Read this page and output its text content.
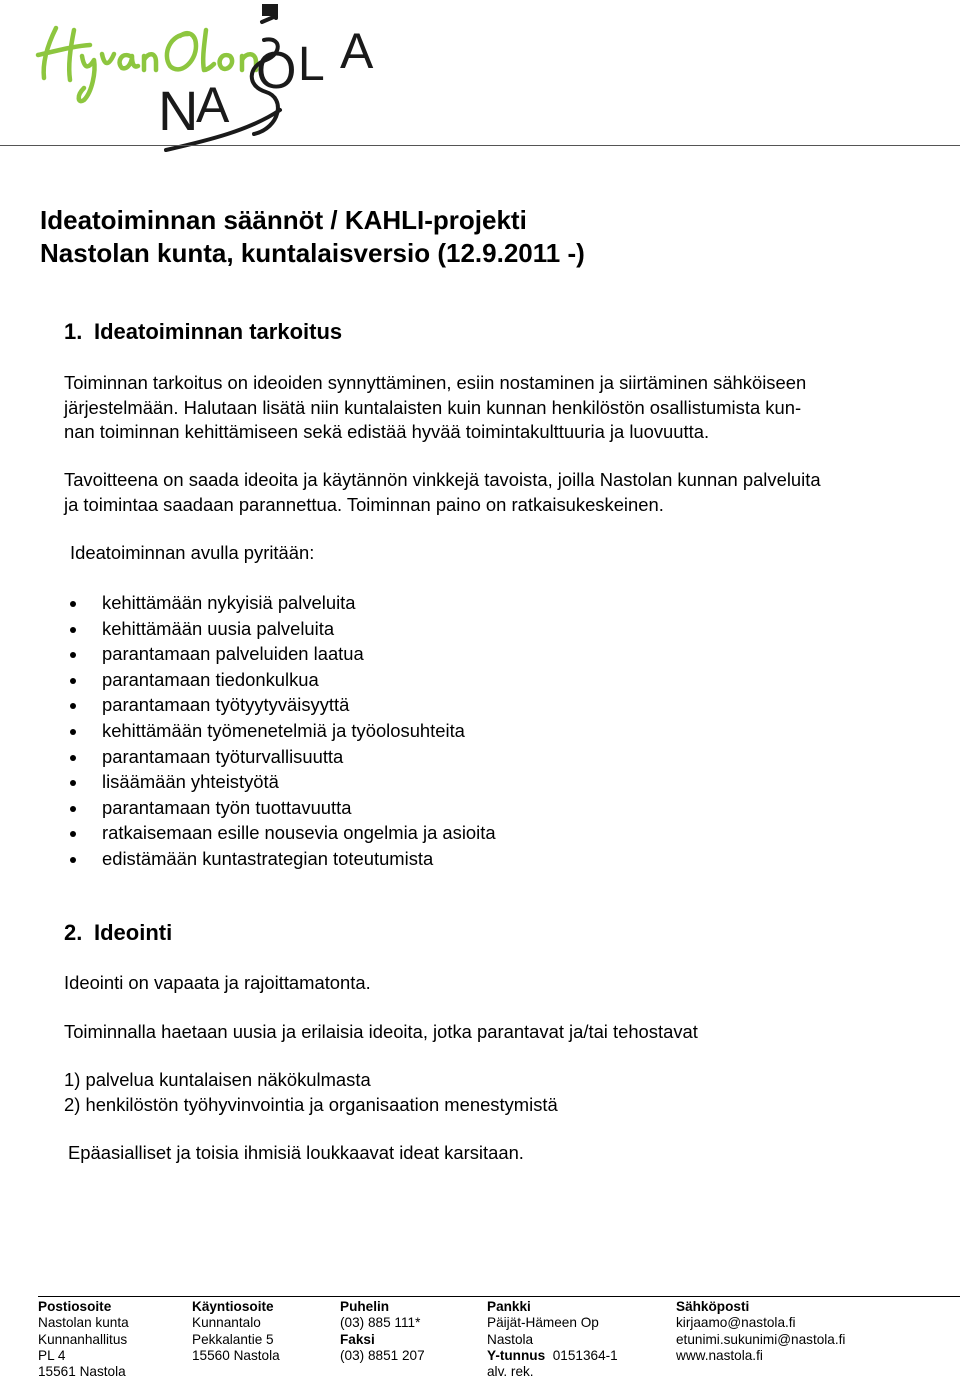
N
A
O L A
Ideatoiminnan säännöt / KAHLI-projekti
Nastolan kunta, kuntalaisversio (12.9.2011 -)
1. Ideatoiminnan tarkoitus
Toiminnan tarkoitus on ideoiden synnyttäminen, esiin nostaminen ja siirtäminen sähköiseen
järjestelmään. Halutaan lisätä niin kuntalaisten kuin kunnan henkilöstön osallistumista kun-
nan toiminnan kehittämiseen sekä edistää hyvää toimintakulttuuria ja luovuutta.
Tavoitteena on saada ideoita ja käytännön vinkkejä tavoista, joilla Nastolan kunnan palveluita
ja toimintaa saadaan parannettua. Toiminnan paino on ratkaisukeskeinen.
Ideatoiminnan avulla pyritään:
kehittämään nykyisiä palveluita
kehittämään uusia palveluita
parantamaan palveluiden laatua
parantamaan tiedonkulkua
parantamaan työtyytyväisyyttä
kehittämään työmenetelmiä ja työolosuhteita
parantamaan työturvallisuutta
lisäämään yhteistyötä
parantamaan työn tuottavuutta
ratkaisemaan esille nousevia ongelmia ja asioita
edistämään kuntastrategian toteutumista
2. Ideointi
Ideointi on vapaata ja rajoittamatonta.
Toiminnalla haetaan uusia ja erilaisia ideoita, jotka parantavat ja/tai tehostavat
1) palvelua kuntalaisen näkökulmasta
2) henkilöstön työhyvinvointia ja organisaation menestymistä
Epäasialliset ja toisia ihmisiä loukkaavat ideat karsitaan.
Postiosoite
Nastolan kunta
Kunnanhallitus
PL 4
15561 Nastola
Käyntiosoite
Kunnantalo
Pekkalantie 5
15560 Nastola
Puhelin
(03) 885 111*
Faksi
(03) 8851 207
Pankki
Päijät-Hämeen Op
Nastola
Y-tunnus 0151364-1
alv. rek.
Sähköposti
kirjaamo@nastola.fi
etunimi.sukunimi@nastola.fi
www.nastola.fi
